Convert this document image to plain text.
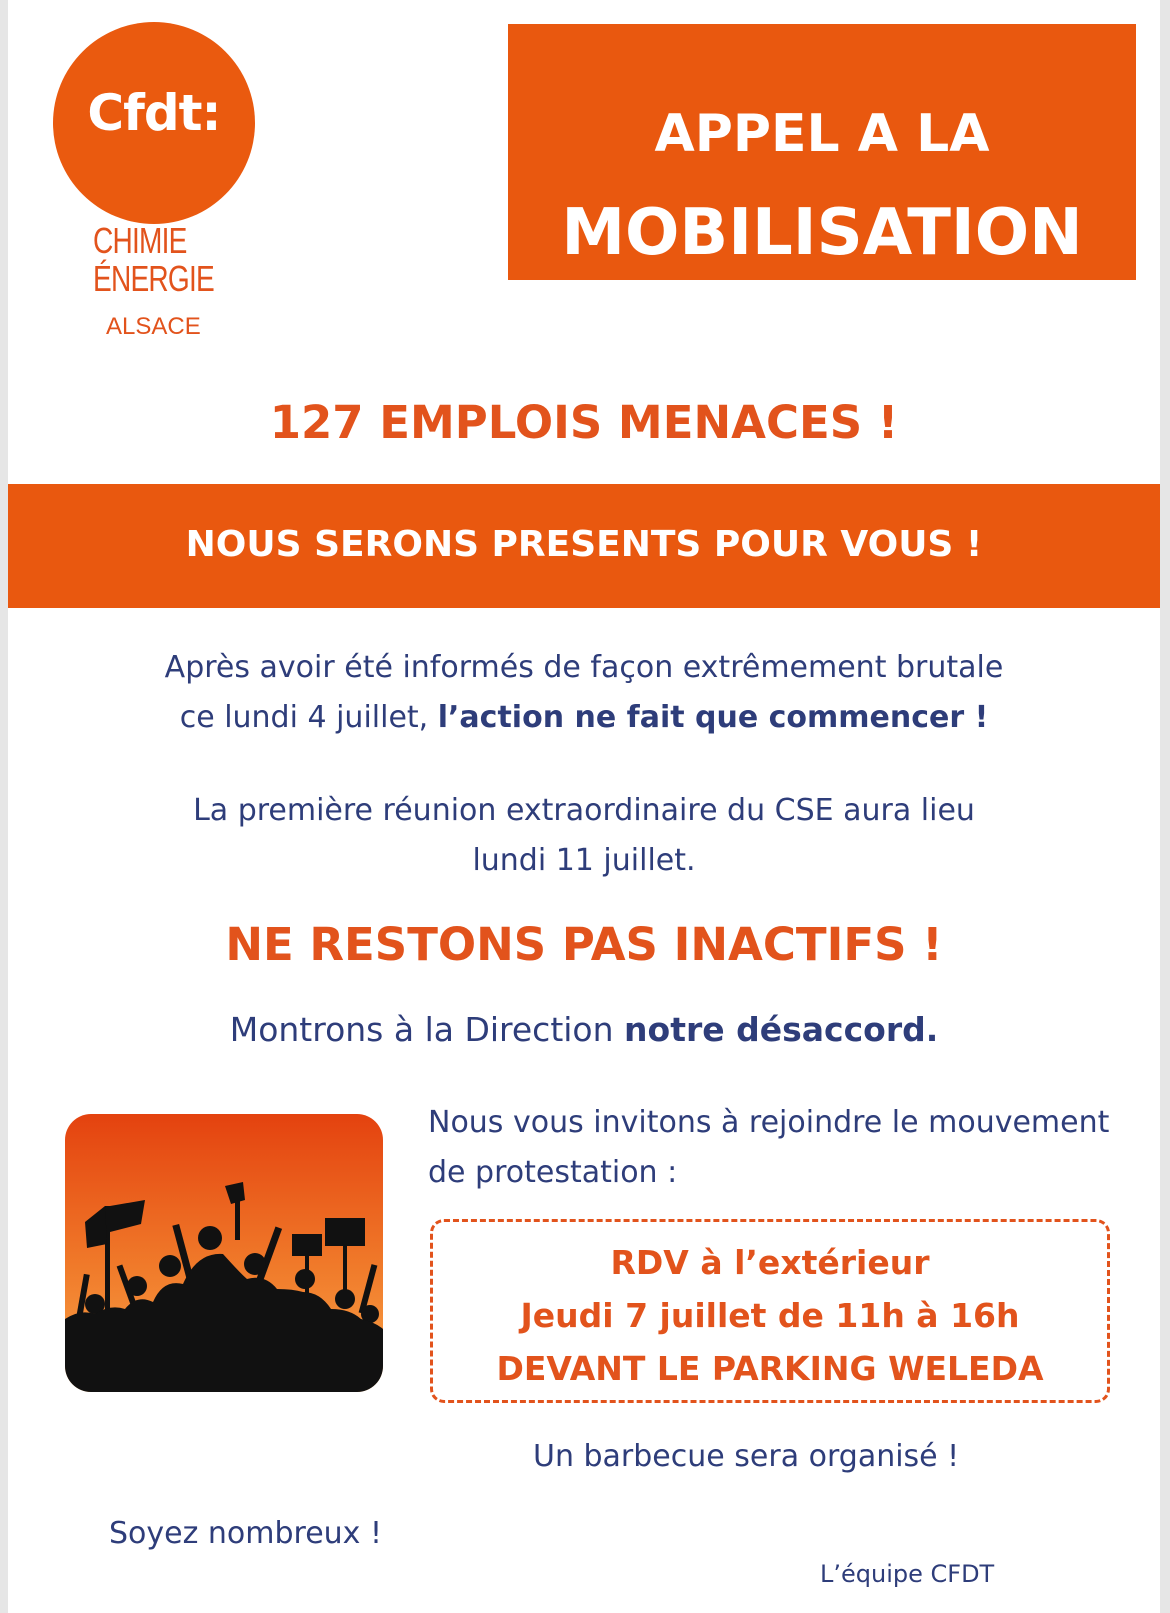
Cfdt:
CHIMIE
ÉNERGIE
ALSACE
APPEL A LA
MOBILISATION
127 EMPLOIS MENACES !
NOUS SERONS PRESENTS POUR VOUS !
Après avoir été informés de façon extrêmement brutale
ce lundi 4 juillet, l’action ne fait que commencer !
La première réunion extraordinaire du CSE aura lieu
lundi 11 juillet.
NE RESTONS PAS INACTIFS !
Montrons à la Direction notre désaccord.
Nous vous invitons à rejoindre le mouvement
de protestation :
RDV à l’extérieur
Jeudi 7 juillet de 11h à 16h
DEVANT LE PARKING WELEDA
Un barbecue sera organisé !
Soyez nombreux !
L’équipe CFDT
